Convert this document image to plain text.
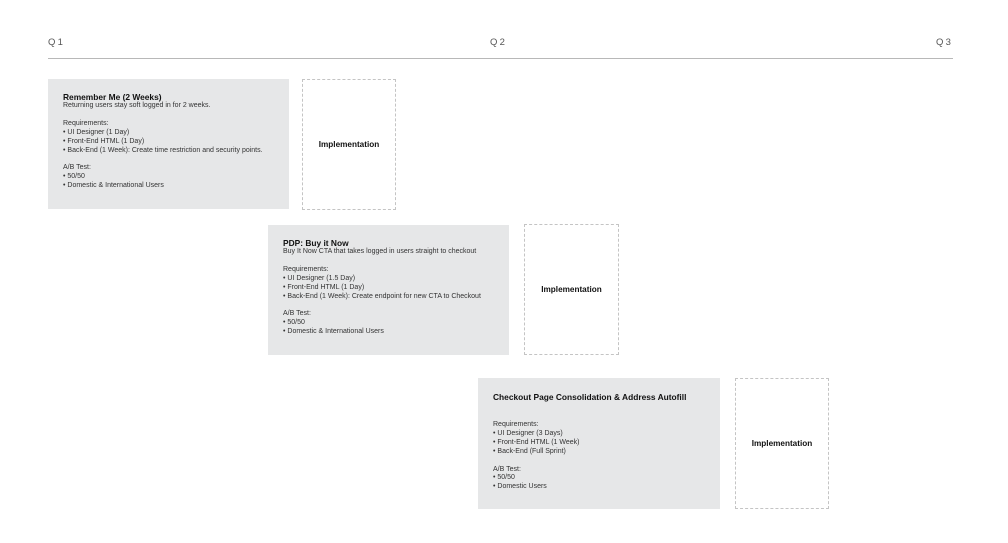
Q1	Q2	Q3
Remember Me (2 Weeks)
Returning users stay soft logged in for 2 weeks.
Requirements:
• UI Designer (1 Day)
• Front-End HTML (1 Day)
• Back-End (1 Week): Create time restriction and security points.
A/B Test:
• 50/50
• Domestic & International Users
Implementation
PDP: Buy it Now
Buy It Now CTA that takes logged in users straight to checkout
Requirements:
• UI Designer (1.5 Day)
• Front-End HTML (1 Day)
• Back-End (1 Week): Create endpoint for new CTA to Checkout
A/B Test:
• 50/50
• Domestic & International Users
Implementation
Checkout Page Consolidation & Address Autofill
Requirements:
• UI Designer (3 Days)
• Front-End HTML (1 Week)
• Back-End (Full Sprint)
A/B Test:
• 50/50
• Domestic Users
Implementation
